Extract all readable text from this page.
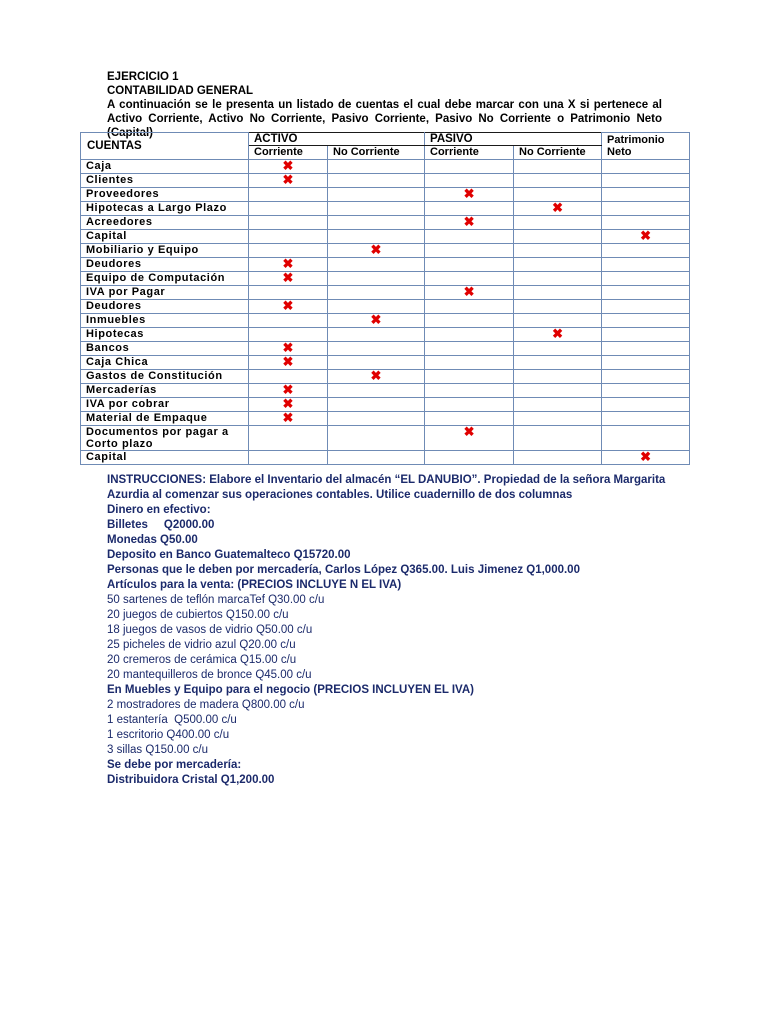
EJERCICIO 1
CONTABILIDAD GENERAL
A continuación se le presenta un listado de cuentas el cual debe marcar con una X si pertenece al Activo Corriente, Activo No Corriente, Pasivo Corriente, Pasivo No Corriente o Patrimonio Neto (Capital)
CUENTAS	ACTIVO		PASIVO		Patrimonio Neto
	Corriente	No Corriente	Corriente	No Corriente	
Caja	✖				
Clientes	✖				
Proveedores			✖		
Hipotecas a Largo Plazo				✖	
Acreedores			✖		
Capital					✖
Mobiliario y Equipo		✖			
Deudores	✖				
Equipo de Computación	✖				
IVA por Pagar			✖		
Deudores	✖				
Inmuebles		✖			
Hipotecas				✖	
Bancos	✖				
Caja Chica	✖				
Gastos de Constitución		✖			
Mercaderías	✖				
IVA por cobrar	✖				
Material de Empaque	✖				
Documentos por pagar a Corto plazo			✖		
Capital					✖

INSTRUCCIONES: Elabore el Inventario del almacén “EL DANUBIO”. Propiedad de la señora Margarita Azurdia al comenzar sus operaciones contables. Utilice cuadernillo de dos columnas

Dinero en efectivo:

Billetes     Q2000.00

Monedas Q50.00

Deposito en Banco Guatemalteco Q15720.00

Personas que le deben por mercadería, Carlos López Q365.00. Luis Jimenez Q1,000.00

Artículos para la venta: (PRECIOS INCLUYE N EL IVA)

50 sartenes de teflón marcaTef Q30.00 c/u

20 juegos de cubiertos Q150.00 c/u

18 juegos de vasos de vidrio Q50.00 c/u

25 picheles de vidrio azul Q20.00 c/u

20 cremeros de cerámica Q15.00 c/u

20 mantequilleros de bronce Q45.00 c/u

En Muebles y Equipo para el negocio (PRECIOS INCLUYEN EL IVA)

2 mostradores de madera Q800.00 c/u

1 estantería  Q500.00 c/u

1 escritorio Q400.00 c/u

3 sillas Q150.00 c/u

Se debe por mercadería:

Distribuidora Cristal Q1,200.00
